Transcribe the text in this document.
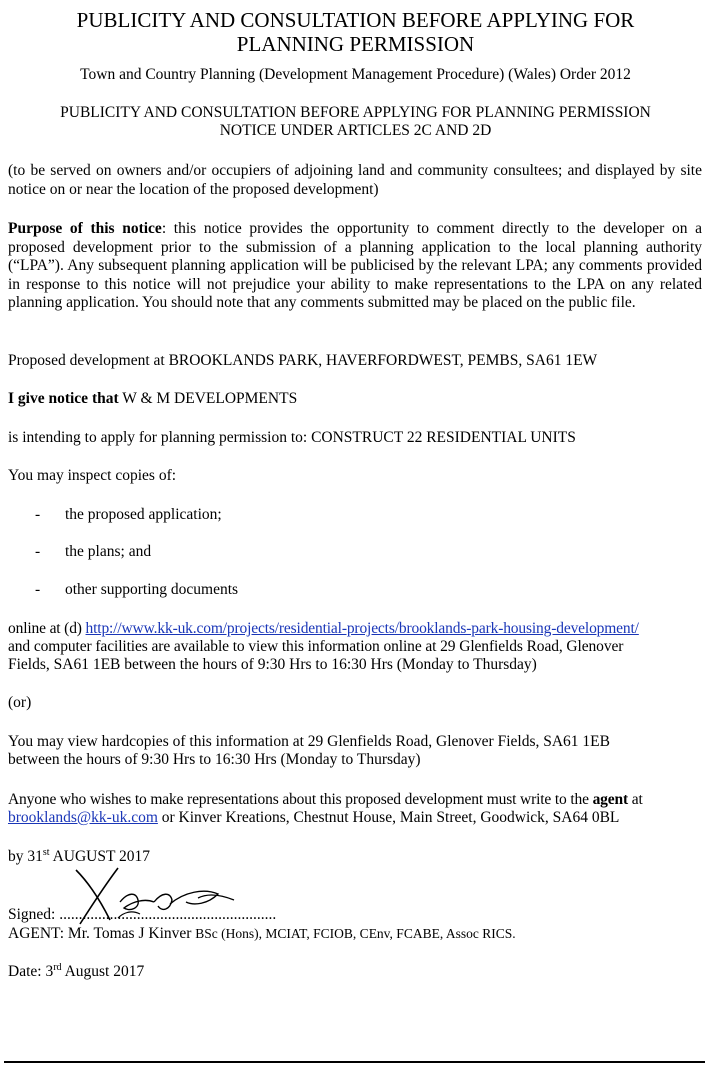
PUBLICITY AND CONSULTATION BEFORE APPLYING FOR
PLANNING PERMISSION
Town and Country Planning (Development Management Procedure) (Wales) Order 2012
PUBLICITY AND CONSULTATION BEFORE APPLYING FOR PLANNING PERMISSION
NOTICE UNDER ARTICLES 2C AND 2D

(to be served on owners and/or occupiers of adjoining land and community consultees; and displayed by site notice on or near the location of the proposed development)

Purpose of this notice: this notice provides the opportunity to comment directly to the developer on a proposed development prior to the submission of a planning application to the local planning authority (“LPA”). Any subsequent planning application will be publicised by the relevant LPA; any comments provided in response to this notice will not prejudice your ability to make representations to the LPA on any related planning application. You should note that any comments submitted may be placed on the public file.

Proposed development at BROOKLANDS PARK, HAVERFORDWEST, PEMBS, SA61 1EW
I give notice that W & M DEVELOPMENTS
is intending to apply for planning permission to: CONSTRUCT 22 RESIDENTIAL UNITS
You may inspect copies of:
- the proposed application;
- the plans; and
- other supporting documents
online at (d) http://www.kk-uk.com/projects/residential-projects/brooklands-park-housing-development/
and computer facilities are available to view this information online at 29 Glenfields Road, Glenover
Fields, SA61 1EB between the hours of 9:30 Hrs to 16:30 Hrs (Monday to Thursday)
(or)
You may view hardcopies of this information at 29 Glenfields Road, Glenover Fields, SA61 1EB
between the hours of 9:30 Hrs to 16:30 Hrs (Monday to Thursday)
Anyone who wishes to make representations about this proposed development must write to the agent at
brooklands@kk-uk.com or Kinver Kreations, Chestnut House, Main Street, Goodwick, SA64 0BL
by 31st AUGUST 2017
Signed: ........................................................
AGENT: Mr. Tomas J Kinver BSc (Hons), MCIAT, FCIOB, CEnv, FCABE, Assoc RICS.
Date: 3rd August 2017
